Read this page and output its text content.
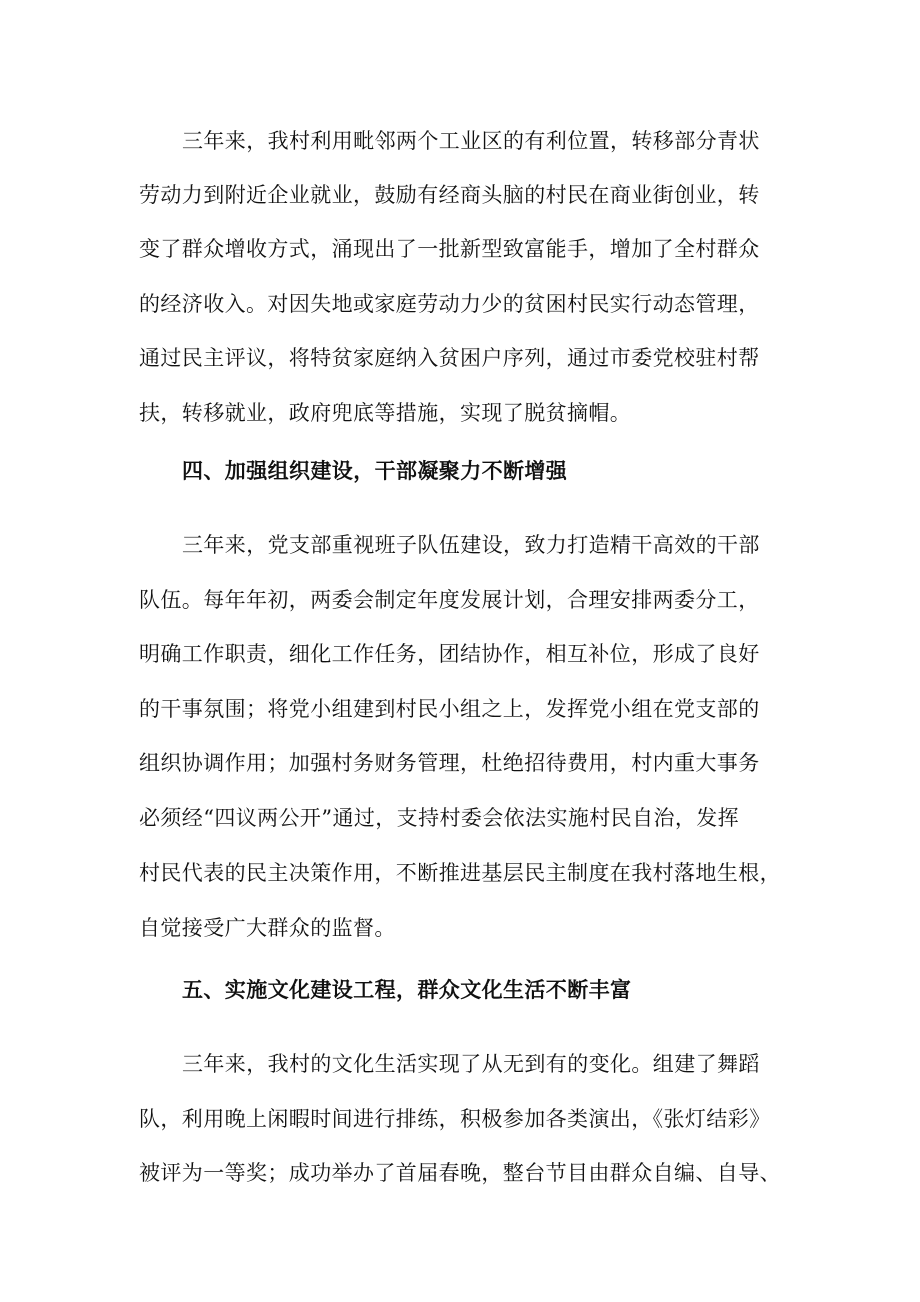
三年来，我村利用毗邻两个工业区的有利位置，转移部分青状
劳动力到附近企业就业，鼓励有经商头脑的村民在商业街创业，转
变了群众增收方式，涌现出了一批新型致富能手，增加了全村群众
的经济收入。对因失地或家庭劳动力少的贫困村民实行动态管理，
通过民主评议，将特贫家庭纳入贫困户序列，通过市委党校驻村帮
扶，转移就业，政府兜底等措施，实现了脱贫摘帽。
四、加强组织建设，干部凝聚力不断增强
三年来，党支部重视班子队伍建设，致力打造精干高效的干部
队伍。每年年初，两委会制定年度发展计划，合理安排两委分工，
明确工作职责，细化工作任务，团结协作，相互补位，形成了良好
的干事氛围；将党小组建到村民小组之上，发挥党小组在党支部的
组织协调作用；加强村务财务管理，杜绝招待费用，村内重大事务
必须经“四议两公开”通过，支持村委会依法实施村民自治，发挥
村民代表的民主决策作用，不断推进基层民主制度在我村落地生根，
自觉接受广大群众的监督。
五、实施文化建设工程，群众文化生活不断丰富
三年来，我村的文化生活实现了从无到有的变化。组建了舞蹈
队，利用晚上闲暇时间进行排练，积极参加各类演出，《张灯结彩》
被评为一等奖；成功举办了首届春晚，整台节目由群众自编、自导、
